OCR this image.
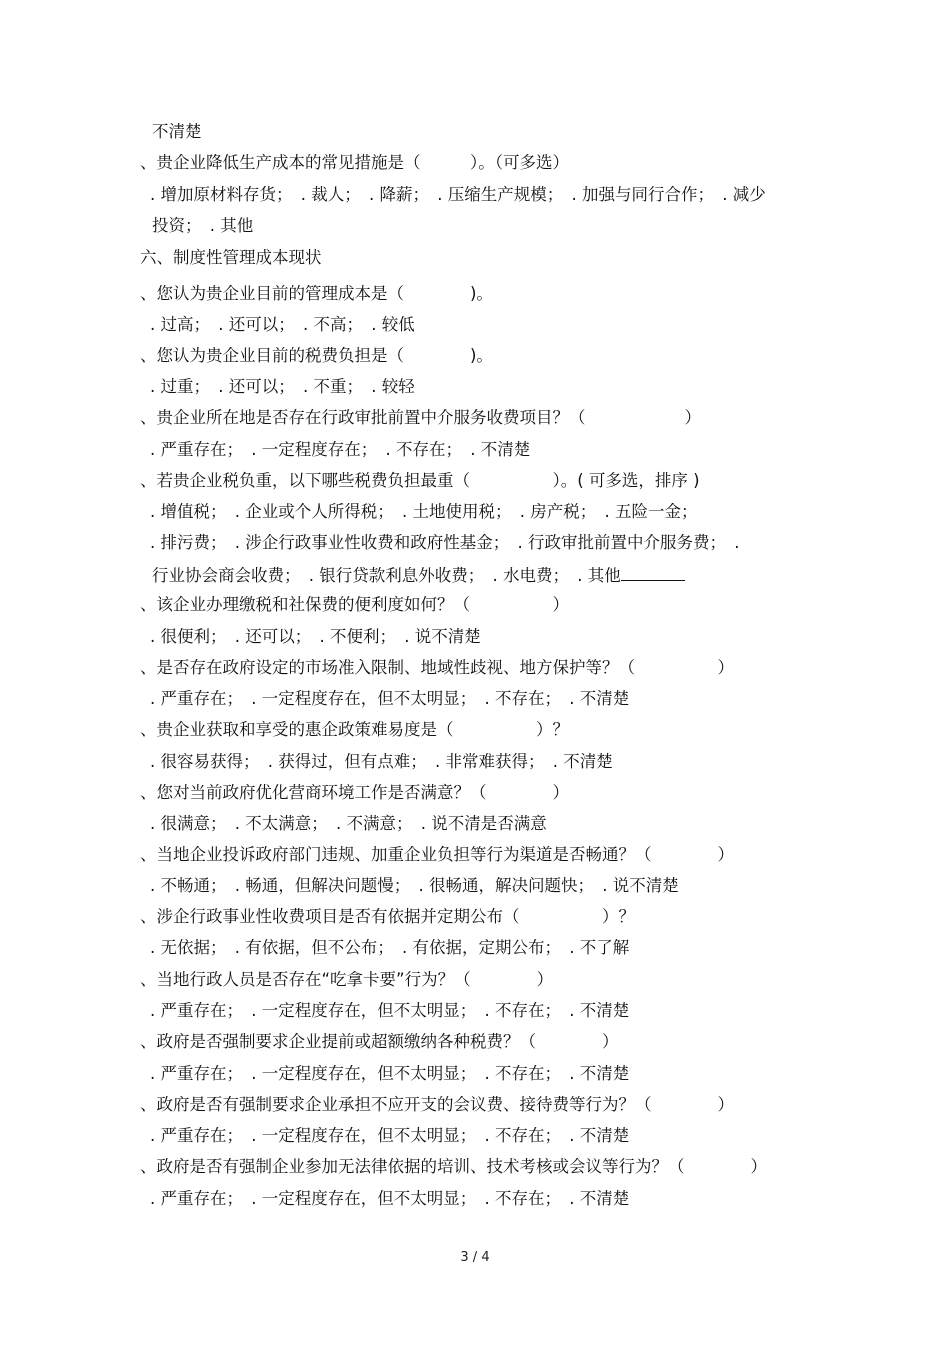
不清楚
、贵企业降低生产成本的常见措施是（　　　）。（可多选）
. 增加原材料存货；　. 裁人；　. 降薪；　. 压缩生产规模；　. 加强与同行合作；　. 减少
投资；　. 其他
六、制度性管理成本现状
、您认为贵企业目前的管理成本是（　　　　)。
. 过高；　. 还可以；　. 不高；　. 较低
、您认为贵企业目前的税费负担是（　　　　)。
. 过重；　. 还可以；　. 不重；　. 较轻
、贵企业所在地是否存在行政审批前置中介服务收费项目？（　　　　　　）
. 严重存在；　. 一定程度存在；　. 不存在；　. 不清楚
、若贵企业税负重，以下哪些税费负担最重（　　　　　）。( 可多选，排序 )
. 增值税；　. 企业或个人所得税；　. 土地使用税；　. 房产税；　. 五险一金；
. 排污费；　. 涉企行政事业性收费和政府性基金；　. 行政审批前置中介服务费；　.
行业协会商会收费；　. 银行贷款利息外收费；　. 水电费；　. 其他
、该企业办理缴税和社保费的便利度如何？（　　　　　）
. 很便利；　. 还可以；　. 不便利；　. 说不清楚
、是否存在政府设定的市场准入限制、地域性歧视、地方保护等？（　　　　　）
. 严重存在；　. 一定程度存在，但不太明显；　. 不存在；　. 不清楚
、贵企业获取和享受的惠企政策难易度是（　　　　　）？
. 很容易获得；　. 获得过，但有点难；　. 非常难获得；　. 不清楚
、您对当前政府优化营商环境工作是否满意？（　　　　）
. 很满意；　. 不太满意；　. 不满意；　. 说不清是否满意
、当地企业投诉政府部门违规、加重企业负担等行为渠道是否畅通？（　　　　）
. 不畅通；　. 畅通，但解决问题慢；　. 很畅通，解决问题快；　. 说不清楚
、涉企行政事业性收费项目是否有依据并定期公布（　　　　　）？
. 无依据；　. 有依据，但不公布；　. 有依据，定期公布；　. 不了解
、当地行政人员是否存在“吃拿卡要”行为？（　　　　）
. 严重存在；　. 一定程度存在，但不太明显；　. 不存在；　. 不清楚
、政府是否强制要求企业提前或超额缴纳各种税费？（　　　　）
. 严重存在；　. 一定程度存在，但不太明显；　. 不存在；　. 不清楚
、政府是否有强制要求企业承担不应开支的会议费、接待费等行为？（　　　　）
. 严重存在；　. 一定程度存在，但不太明显；　. 不存在；　. 不清楚
、政府是否有强制企业参加无法律依据的培训、技术考核或会议等行为？（　　　　）
. 严重存在；　. 一定程度存在，但不太明显；　. 不存在；　. 不清楚
3 / 4
